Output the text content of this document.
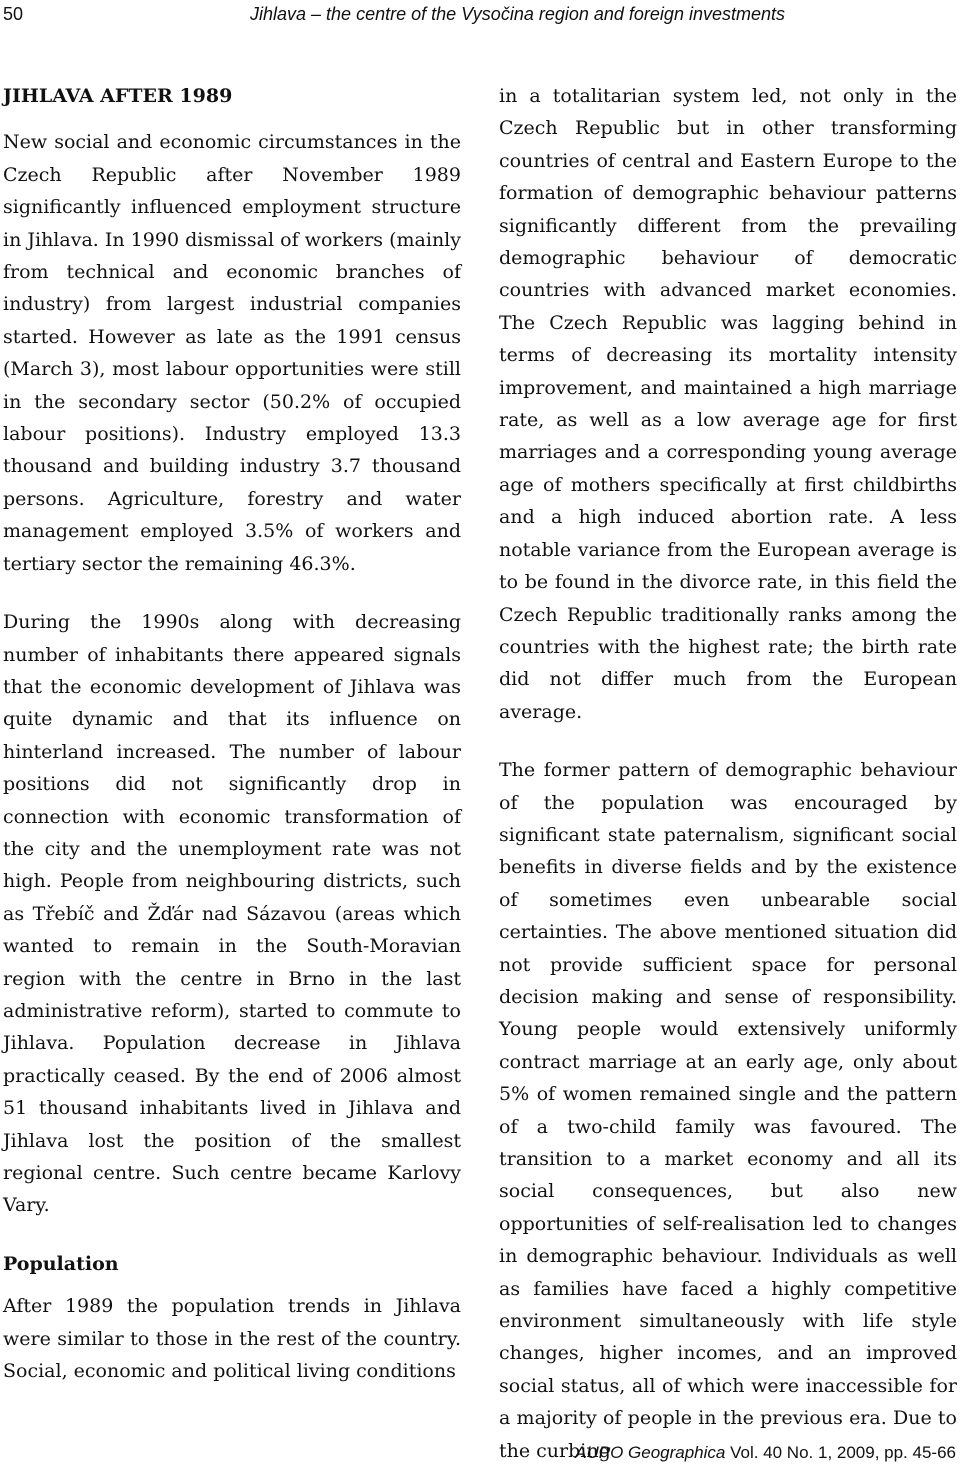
50	Jihlava – the centre of the Vysočina region and foreign investments

JIHLAVA AFTER 1989

New social and economic circumstances in the Czech Republic after November 1989 significantly influenced employment structure in Jihlava. In 1990 dismissal of workers (mainly from technical and economic branches of industry) from largest industrial companies started. However as late as the 1991 census (March 3), most labour opportunities were still in the secondary sector (50.2% of occupied labour positions). Industry employed 13.3 thousand and building industry 3.7 thousand persons. Agriculture, forestry and water management employed 3.5% of workers and tertiary sector the remaining 46.3%.

During the 1990s along with decreasing number of inhabitants there appeared signals that the economic development of Jihlava was quite dynamic and that its influence on hinterland increased. The number of labour positions did not significantly drop in connection with economic transformation of the city and the unemployment rate was not high. People from neighbouring districts, such as Třebíč and Žďár nad Sázavou (areas which wanted to remain in the South-Moravian region with the centre in Brno in the last administrative reform), started to commute to Jihlava. Population decrease in Jihlava practically ceased. By the end of 2006 almost 51 thousand inhabitants lived in Jihlava and Jihlava lost the position of the smallest regional centre. Such centre became Karlovy Vary.

Population

After 1989 the population trends in Jihlava were similar to those in the rest of the country. Social, economic and political living conditions

in a totalitarian system led, not only in the Czech Republic but in other transforming countries of central and Eastern Europe to the formation of demographic behaviour patterns significantly different from the prevailing demographic behaviour of democratic countries with advanced market economies. The Czech Republic was lagging behind in terms of decreasing its mortality intensity improvement, and maintained a high marriage rate, as well as a low average age for first marriages and a corresponding young average age of mothers specifically at first childbirths and a high induced abortion rate. A less notable variance from the European average is to be found in the divorce rate, in this field the Czech Republic traditionally ranks among the countries with the highest rate; the birth rate did not differ much from the European average.

The former pattern of demographic behaviour of the population was encouraged by significant state paternalism, significant social benefits in diverse fields and by the existence of sometimes even unbearable social certainties. The above mentioned situation did not provide sufficient space for personal decision making and sense of responsibility. Young people would extensively uniformly contract marriage at an early age, only about 5% of women remained single and the pattern of a two-child family was favoured. The transition to a market economy and all its social consequences, but also new opportunities of self-realisation led to changes in demographic behaviour. Individuals as well as families have faced a highly competitive environment simultaneously with life style changes, higher incomes, and an improved social status, all of which were inaccessible for a majority of people in the previous era. Due to the curbing

AUPO Geographica Vol. 40 No. 1, 2009, pp. 45-66
